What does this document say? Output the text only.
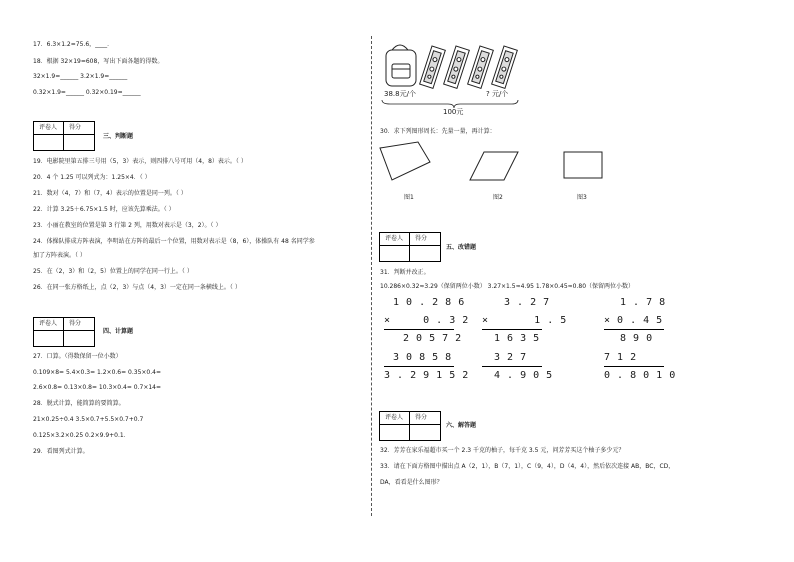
17．6.3×1.2=75.6，____．
18．根据 32×19=608，写出下面各题的得数。
32×1.9=______ 3.2×1.9=______
0.32×1.9=______ 0.32×0.19=______
评卷人 得分
三、判断题
19．电影院里第五排三号用（5，3）表示，则四排八号可用（4，8）表示。（ ）
20．4 个 1.25 可以列式为：1.25×4．（ ）
21．数对（4，7）和（7，4）表示的位置是同一列。（ ）
22．计算 3.25＋6.75×1.5 时，应该先算乘法。（ ）
23．小丽在教室的位置是第 3 行第 2 列，用数对表示是（3，2）。（ ）
24．体操队排成方阵表演，李明站在方阵的最后一个位置，用数对表示是（8，6），体操队有 48 名同学参
加了方阵表演。（ ）
25．在（2，3）和（2，5）位置上的同学在同一行上。（ ）
26．在同一张方格纸上，点（2，3）与点（4，3）一定在同一条横线上。（ ）
评卷人 得分
四、计算题
27．口算。（得数保留一位小数）
0.109×8= 5.4×0.3= 1.2×0.6= 0.35×0.4=
2.6×0.8= 0.13×0.8= 10.3×0.4= 0.7×14=
28．脱式计算，能简算的要简算。
21×0.25÷0.4 3.5×0.7+5.5×0.7+0.7
0.125×3.2×0.25 0.2×9.9+0.1．
29．看图列式计算。
38.8元/个	? 元/个
100元
30．求下列图形周长：先量一量，再计算：
图1	图2	图3
评卷人 得分
五、改错题
31．判断并改正。
10.286×0.32≈3.29（保留两位小数） 3.27×1.5≈4.95 1.78×0.45≈0.80（保留两位小数）
1 0 . 2 8 6
×     0 . 3 2
2 0 5 7 2
3 0 8 5 8
3 . 2 9 1 5 2
3 . 2 7
×       1 . 5
1 6 3 5
3 2 7
4 . 9 0 5
1 . 7 8
× 0 . 4 5
8 9 0
7 1 2
0 . 8 0 1 0
评卷人 得分
六、解答题
32．芳芳在家乐福超市买一个 2.3 千克的柚子，每千克 3.5 元，问芳芳买这个柚子多少元？
33．请在下面方格图中描出点 A（2，1），B（7，1），C（9，4），D（4，4），然后依次连接 AB，BC，CD，
DA，看看是什么图形？
